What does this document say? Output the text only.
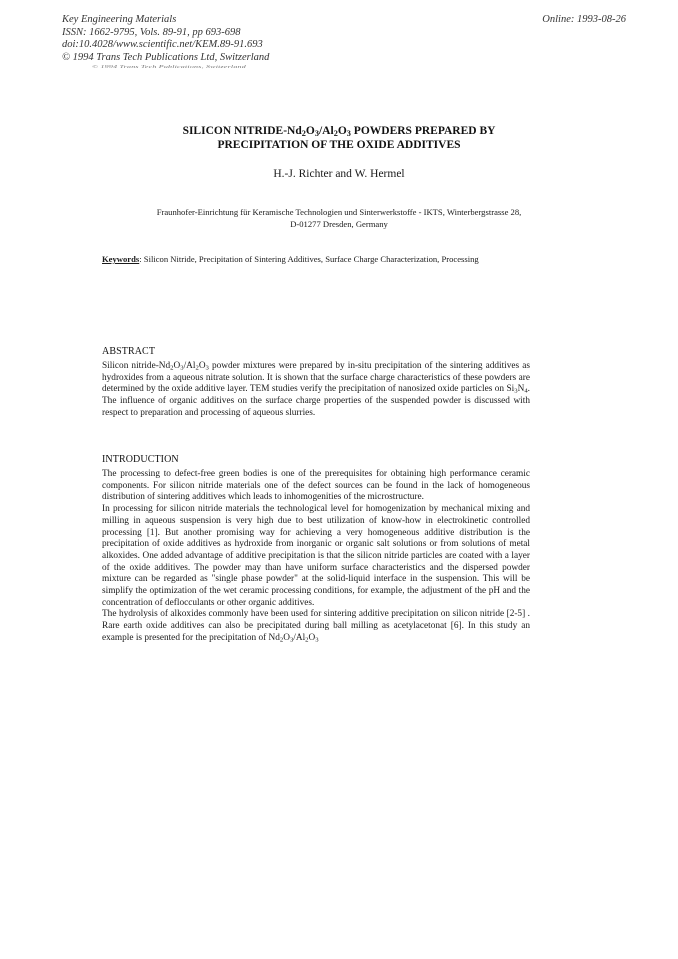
Key Engineering Materials
ISSN: 1662-9795, Vols. 89-91, pp 693-698
doi:10.4028/www.scientific.net/KEM.89-91.693
© 1994 Trans Tech Publications Ltd, Switzerland
Online: 1993-08-26
© 1994 Trans Tech Publications, Switzerland
SILICON NITRIDE-$Nd_2O_3/Al_2O_3$ POWDERS PREPARED BY
PRECIPITATION OF THE OXIDE ADDITIVES
H.-J. Richter and W. Hermel
Fraunhofer-Einrichtung für Keramische Technologien und Sinterwerkstoffe - IKTS, Winterbergstrasse 28,
D-01277 Dresden, Germany
Keywords: Silicon Nitride, Precipitation of Sintering Additives, Surface Charge Characterization, Processing
ABSTRACT

Silicon nitride-$Nd_2O_3/Al_2O_3$ powder mixtures were prepared by in-situ precipitation of the sintering additives as hydroxides from a aqueous nitrate solution. It is shown that the surface charge characteristics of these powders are determined by the oxide additive layer. TEM studies verify the precipitation of nanosized oxide particles on $Si_3N_4$. The influence of organic additives on the surface charge properties of the suspended powder is discussed with respect to preparation and processing of aqueous slurries.

INTRODUCTION

The processing to defect-free green bodies is one of the prerequisites for obtaining high performance ceramic components. For silicon nitride materials one of the defect sources can be found in the lack of homogeneous distribution of sintering additives which leads to inhomogenities of the microstructure.

In processing for silicon nitride materials the technological level for homogenization by mechanical mixing and milling in aqueous suspension is very high due to best utilization of know-how in electrokinetic controlled processing [1]. But another promising way for achieving a very homogeneous additive distribution is the precipitation of oxide additives as hydroxide from inorganic or organic salt solutions or from solutions of metal alkoxides. One added advantage of additive precipitation is that the silicon nitride particles are coated with a layer of the oxide additives. The powder may than have uniform surface characteristics and the dispersed powder mixture can be regarded as "single phase powder" at the solid-liquid interface in the suspension. This will be simplify the optimization of the wet ceramic processing conditions, for example, the adjustment of the pH and the concentration of deflocculants or other organic additives.

The hydrolysis of alkoxides commonly have been used for sintering additive precipitation on silicon nitride [2-5] . Rare earth oxide additives can also be precipitated during ball milling as acetylacetonat [6]. In this study an example is presented for the precipitation of $Nd_2O_3/Al_2O_3$
